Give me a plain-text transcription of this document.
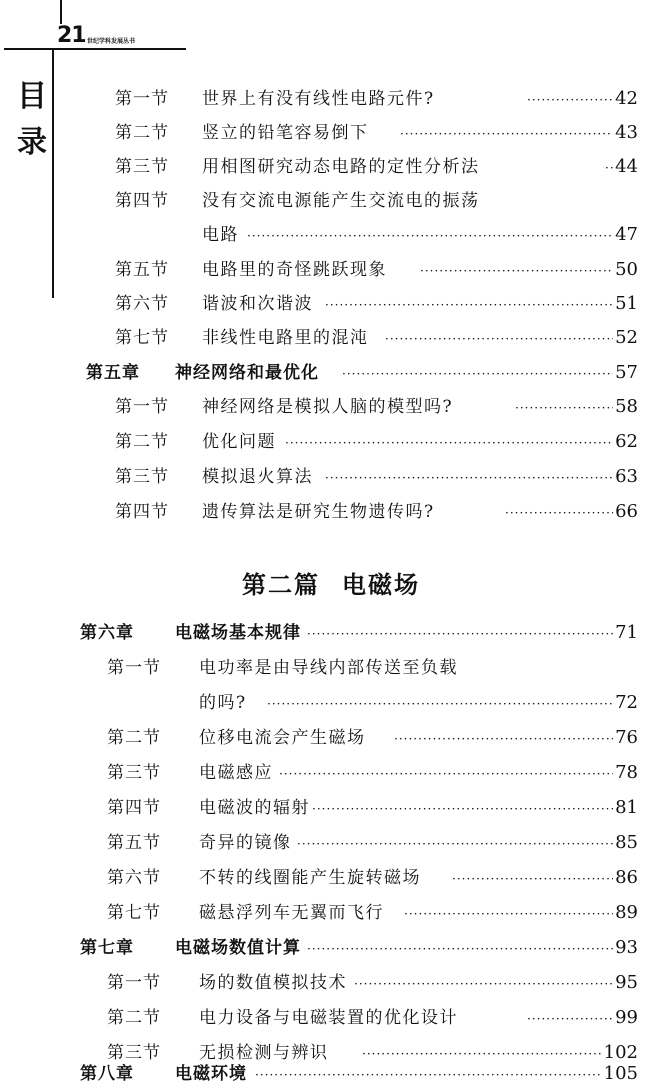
21 世纪学科发展丛书
目
录
第一节 世界上有没有线性电路元件? ·····	42
第二节 竖立的铅笔容易倒下 ·····	43
第三节 用相图研究动态电路的定性分析法 ·····	44
第四节 没有交流电源能产生交流电的振荡
电路 ·····	47
第五节 电路里的奇怪跳跃现象 ·····	50
第六节 谐波和次谐波 ·····	51
第七节 非线性电路里的混沌 ·····	52
第五章 神经网络和最优化 ·····	57
第一节 神经网络是模拟人脑的模型吗? ·····	58
第二节 优化问题 ·····	62
第三节 模拟退火算法 ·····	63
第四节 遗传算法是研究生物遗传吗? ·····	66
第二篇 电磁场
第六章 电磁场基本规律 ·····	71
第一节 电功率是由导线内部传送至负载
的吗? ·····	72
第二节 位移电流会产生磁场 ·····	76
第三节 电磁感应 ·····	78
第四节 电磁波的辐射 ·····	81
第五节 奇异的镜像 ·····	85
第六节 不转的线圈能产生旋转磁场 ·····	86
第七节 磁悬浮列车无翼而飞行 ·····	89
第七章 电磁场数值计算 ·····	93
第一节 场的数值模拟技术 ·····	95
第二节 电力设备与电磁装置的优化设计 ·····	99
第三节 无损检测与辨识 ·····	102
第八章 电磁环境 ·····	105
